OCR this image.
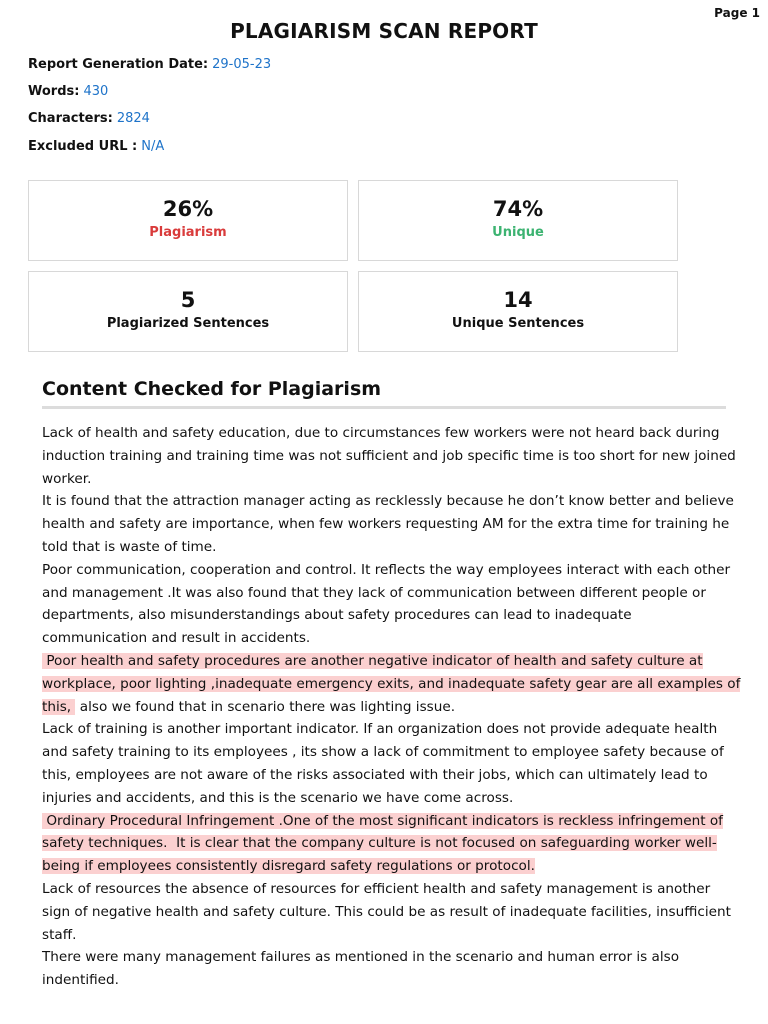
Page 1
PLAGIARISM SCAN REPORT
Report Generation Date: 29-05-23
Words: 430
Characters: 2824
Excluded URL : N/A
26%
Plagiarism
74%
Unique
5
Plagiarized Sentences
14
Unique Sentences
Content Checked for Plagiarism
Lack of health and safety education, due to circumstances few workers were not heard back during
induction training and training time was not sufficient and job specific time is too short for new joined
worker.
It is found that the attraction manager acting as recklessly because he don’t know better and believe
health and safety are importance, when few workers requesting AM for the extra time for training he
told that is waste of time.
Poor communication, cooperation and control. It reflects the way employees interact with each other
and management .It was also found that they lack of communication between different people or
departments, also misunderstandings about safety procedures can lead to inadequate
communication and result in accidents.
Poor health and safety procedures are another negative indicator of health and safety culture at
workplace, poor lighting ,inadequate emergency exits, and inadequate safety gear are all examples of
this,  also we found that in scenario there was lighting issue.
Lack of training is another important indicator. If an organization does not provide adequate health
and safety training to its employees , its show a lack of commitment to employee safety because of
this, employees are not aware of the risks associated with their jobs, which can ultimately lead to
injuries and accidents, and this is the scenario we have come across.
Ordinary Procedural Infringement .One of the most significant indicators is reckless infringement of
safety techniques.  It is clear that the company culture is not focused on safeguarding worker well-
being if employees consistently disregard safety regulations or protocol.
Lack of resources the absence of resources for efficient health and safety management is another
sign of negative health and safety culture. This could be as result of inadequate facilities, insufficient
staff.
There were many management failures as mentioned in the scenario and human error is also
indentified.
